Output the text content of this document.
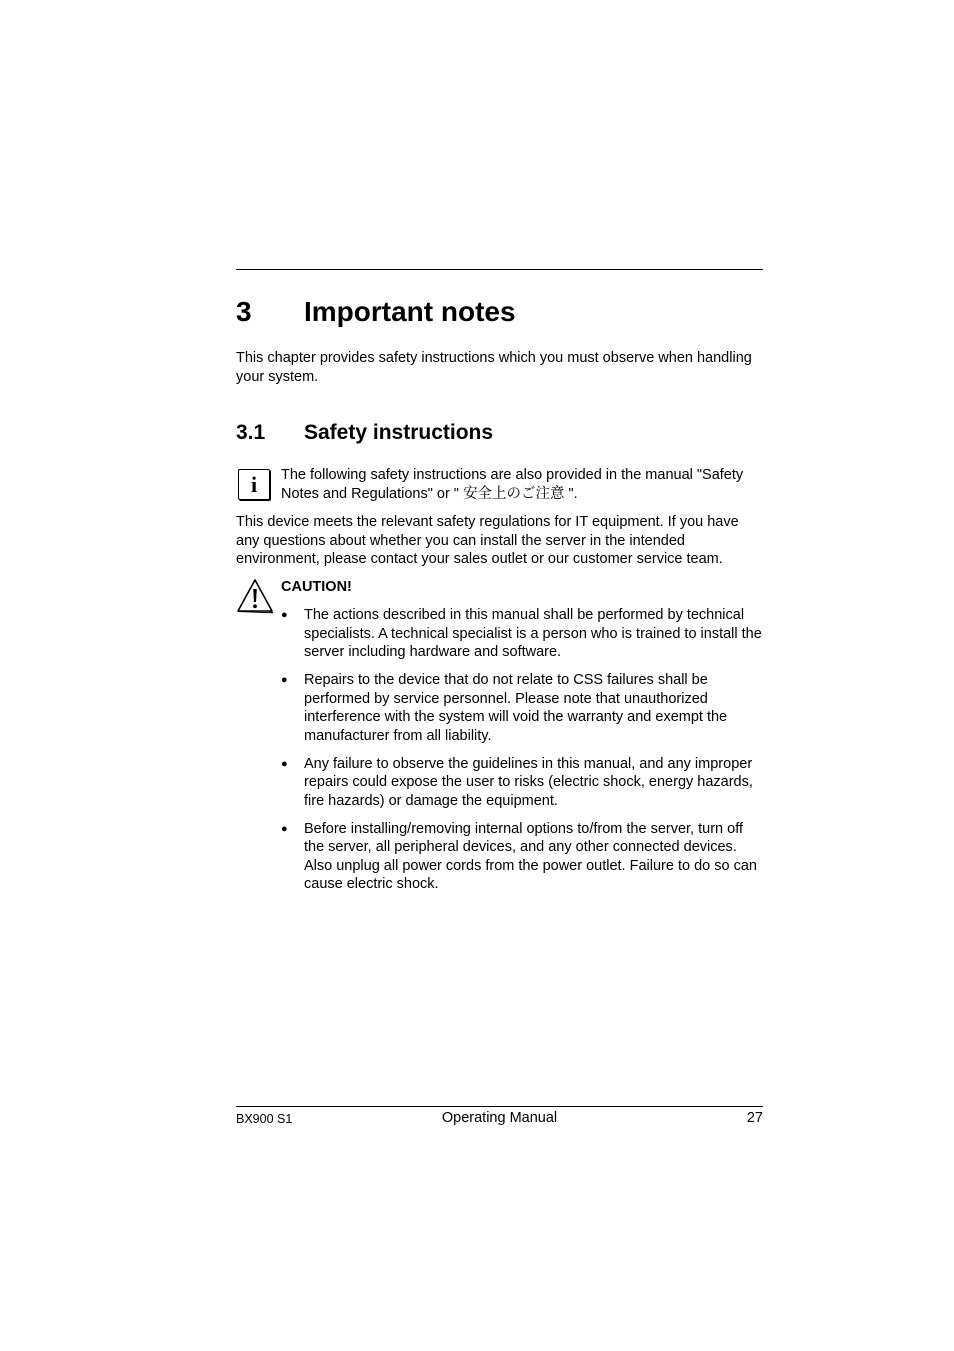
3 Important notes
This chapter provides safety instructions which you must observe when handling your system.
3.1 Safety instructions
i	The following safety instructions are also provided in the manual "Safety Notes and Regulations" or " 安全上のご注意 ".
This device meets the relevant safety regulations for IT equipment. If you have any questions about whether you can install the server in the intended environment, please contact your sales outlet or our customer service team.
CAUTION!
● The actions described in this manual shall be performed by technical specialists. A technical specialist is a person who is trained to install the server including hardware and software.
● Repairs to the device that do not relate to CSS failures shall be performed by service personnel. Please note that unauthorized interference with the system will void the warranty and exempt the manufacturer from all liability.
● Any failure to observe the guidelines in this manual, and any improper repairs could expose the user to risks (electric shock, energy hazards, fire hazards) or damage the equipment.
● Before installing/removing internal options to/from the server, turn off the server, all peripheral devices, and any other connected devices. Also unplug all power cords from the power outlet. Failure to do so can cause electric shock.
BX900 S1	Operating Manual	27
